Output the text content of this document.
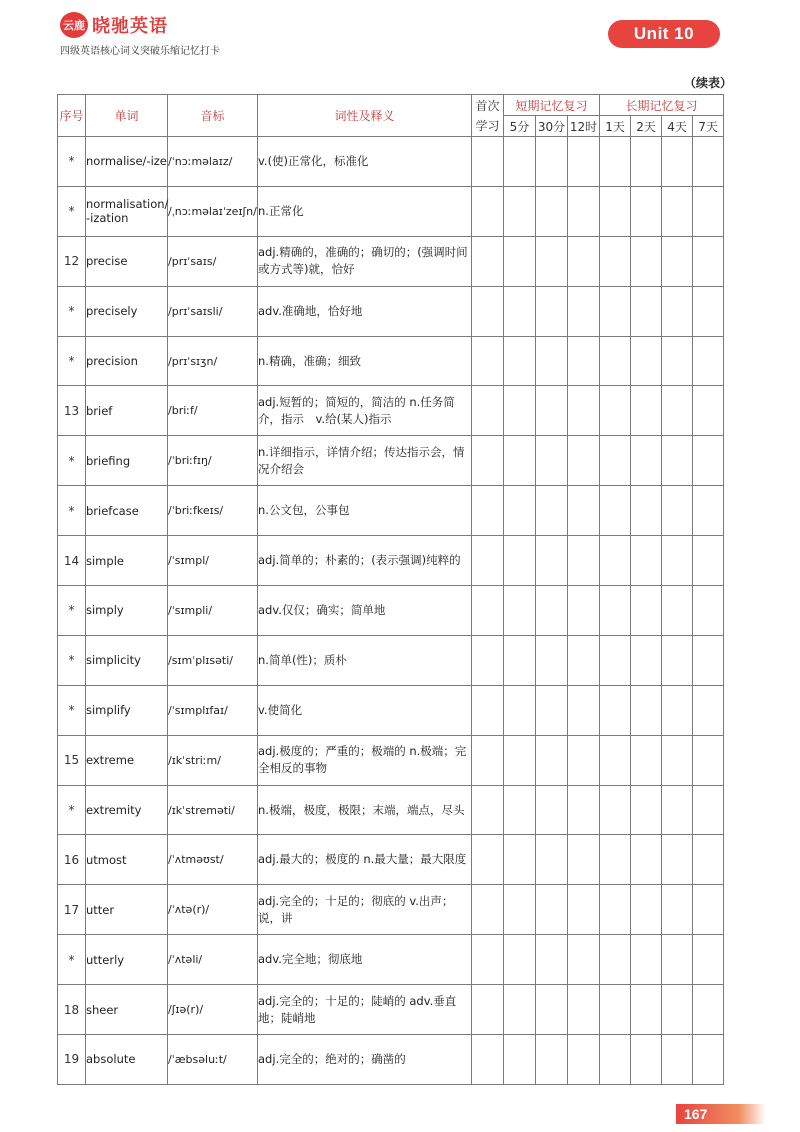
云鹿 晓驰英语
四级英语核心词义突破乐缩记忆打卡
Unit 10
（续表）
序号	单词	音标	词性及释义	首次学习	短期记忆复习			长期记忆复习			
					5分	30分	12时	1天	2天	4天	7天
*	normalise/-ize	/ˈnɔːməlaɪz/	v.(使)正常化，标准化								
*	normalisation/ -ization	/ˌnɔːməlaɪˈzeɪʃn/	n.正常化								
12	precise	/prɪˈsaɪs/	adj.精确的，准确的；确切的；(强调时间或方式等)就，恰好								
*	precisely	/prɪˈsaɪsli/	adv.准确地，恰好地								
*	precision	/prɪˈsɪʒn/	n.精确，准确；细致								
13	brief	/briːf/	adj.短暂的；简短的，简洁的 n.任务简介，指示　v.给(某人)指示								
*	briefing	/ˈbriːfɪŋ/	n.详细指示，详情介绍；传达指示会，情况介绍会								
*	briefcase	/ˈbriːfkeɪs/	n.公文包，公事包								
14	simple	/ˈsɪmpl/	adj.简单的；朴素的；(表示强调)纯粹的								
*	simply	/ˈsɪmpli/	adv.仅仅；确实；简单地								
*	simplicity	/sɪmˈplɪsəti/	n.简单(性)；质朴								
*	simplify	/ˈsɪmplɪfaɪ/	v.使简化								
15	extreme	/ɪkˈstriːm/	adj.极度的；严重的；极端的 n.极端；完全相反的事物								
*	extremity	/ɪkˈstreməti/	n.极端，极度，极限；末端，端点，尽头								
16	utmost	/ˈʌtməʊst/	adj.最大的；极度的 n.最大量；最大限度								
17	utter	/ˈʌtə(r)/	adj.完全的；十足的；彻底的 v.出声；说，讲								
*	utterly	/ˈʌtəli/	adv.完全地；彻底地								
18	sheer	/ʃɪə(r)/	adj.完全的；十足的；陡峭的 adv.垂直地；陡峭地								
19	absolute	/ˈæbsəluːt/	adj.完全的；绝对的；确凿的								
167
